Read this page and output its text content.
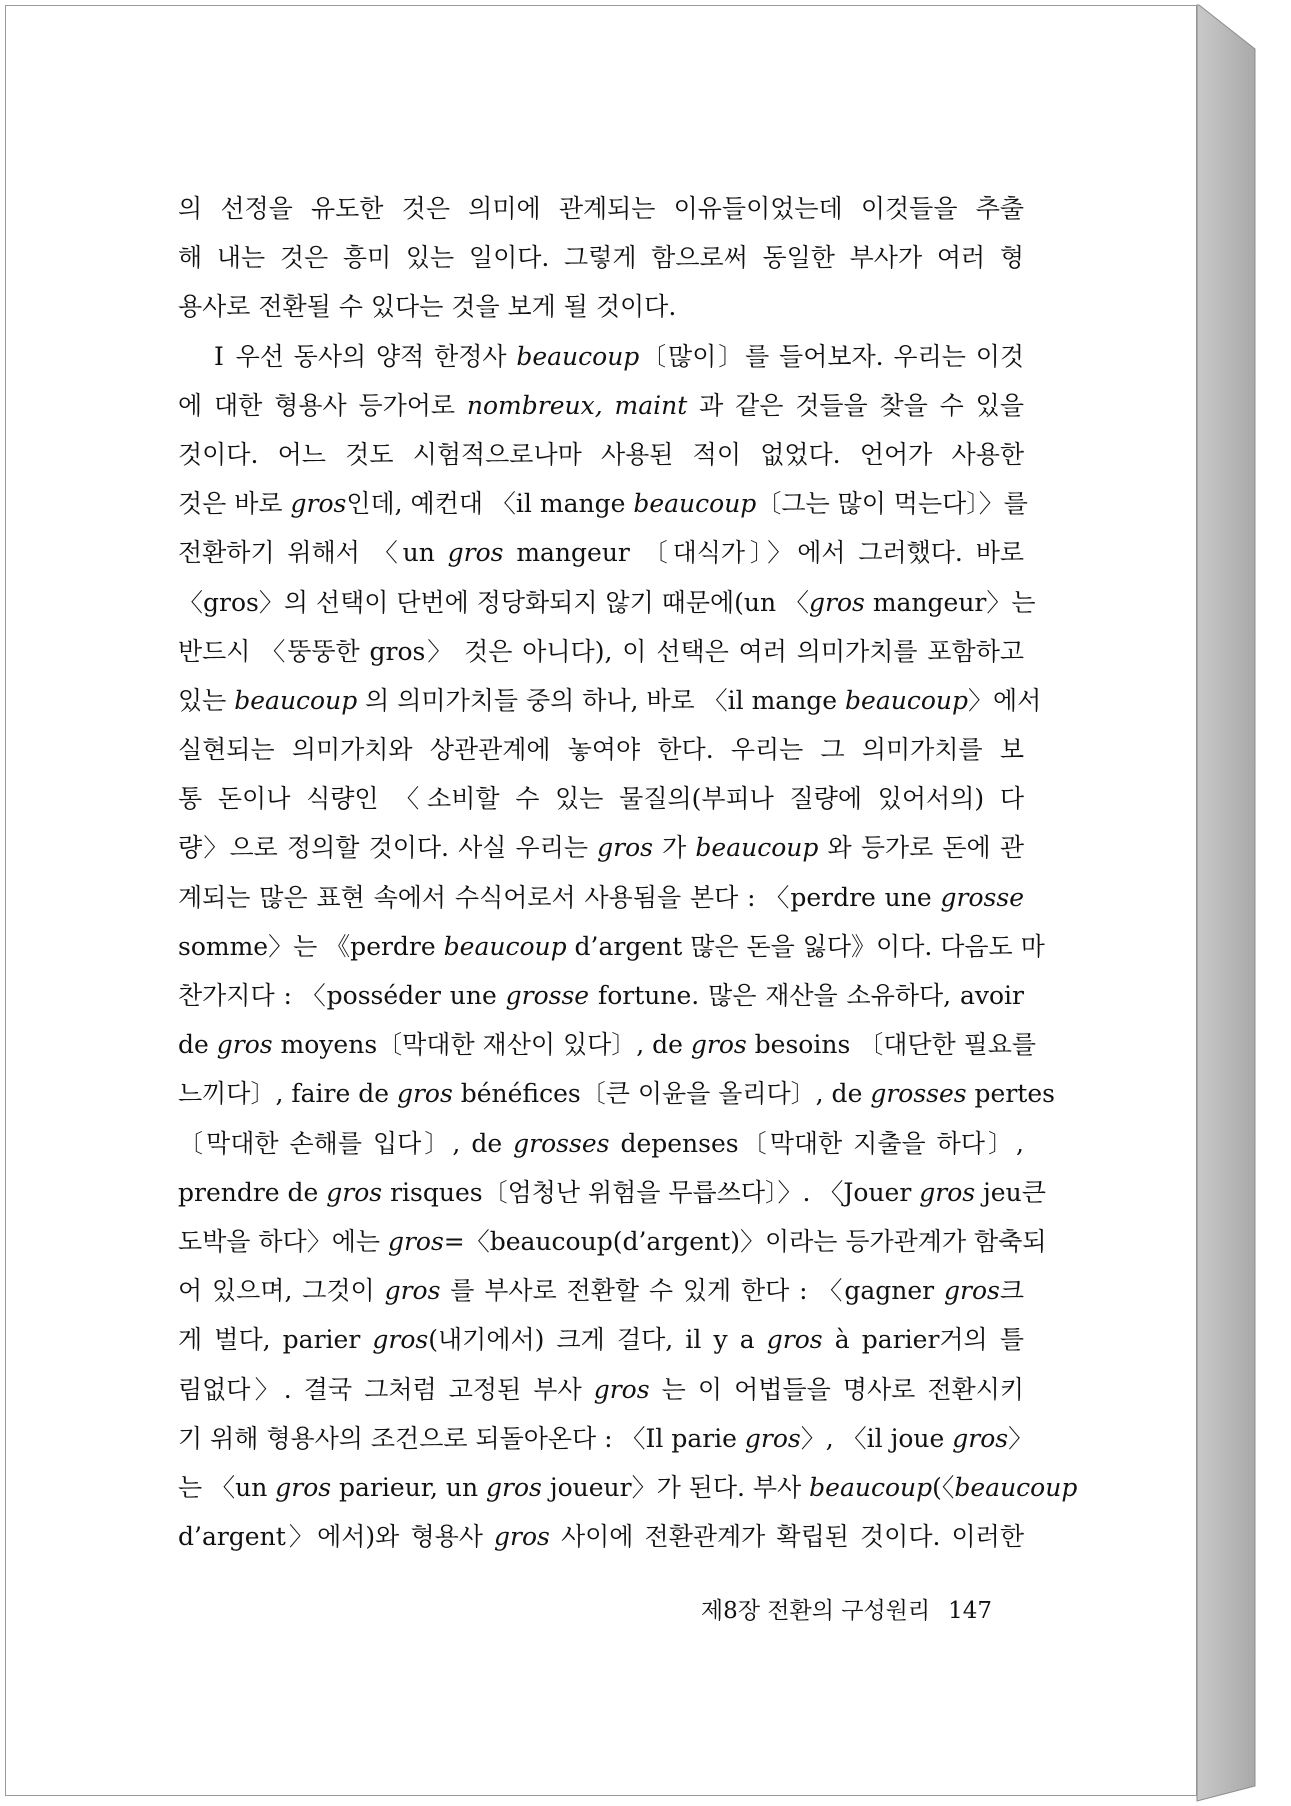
의 선정을 유도한 것은 의미에 관계되는 이유들이었는데 이것들을 추출
해 내는 것은 흥미 있는 일이다. 그렇게 함으로써 동일한 부사가 여러 형
용사로 전환될 수 있다는 것을 보게 될 것이다.
Ⅰ 우선 동사의 양적 한정사 beaucoup〔많이〕를 들어보자. 우리는 이것
에 대한 형용사 등가어로 nombreux, maint 과 같은 것들을 찾을 수 있을
것이다. 어느 것도 시험적으로나마 사용된 적이 없었다. 언어가 사용한
것은 바로 gros인데, 예컨대 〈il mange beaucoup〔그는 많이 먹는다〕〉를
전환하기 위해서 〈un gros mangeur 〔대식가〕〉에서 그러했다. 바로
〈gros〉의 선택이 단번에 정당화되지 않기 때문에(un 〈gros mangeur〉는
반드시 〈뚱뚱한 gros〉 것은 아니다), 이 선택은 여러 의미가치를 포함하고
있는 beaucoup 의 의미가치들 중의 하나, 바로 〈il mange beaucoup〉에서
실현되는 의미가치와 상관관계에 놓여야 한다. 우리는 그 의미가치를 보
통 돈이나 식량인 〈소비할 수 있는 물질의(부피나 질량에 있어서의) 다
량〉으로 정의할 것이다. 사실 우리는 gros 가 beaucoup 와 등가로 돈에 관
계되는 많은 표현 속에서 수식어로서 사용됨을 본다 : 〈perdre une grosse
somme〉는 《perdre beaucoup d’argent 많은 돈을 잃다》이다. 다음도 마
찬가지다 : 〈posséder une grosse fortune. 많은 재산을 소유하다, avoir
de gros moyens〔막대한 재산이 있다〕, de gros besoins 〔대단한 필요를
느끼다〕, faire de gros bénéfices〔큰 이윤을 올리다〕, de grosses pertes
〔막대한 손해를 입다〕, de grosses depenses〔막대한 지출을 하다〕,
prendre de gros risques〔엄청난 위험을 무릅쓰다〕〉. 〈Jouer gros jeu큰
도박을 하다〉에는 gros=〈beaucoup(d’argent)〉이라는 등가관계가 함축되
어 있으며, 그것이 gros 를 부사로 전환할 수 있게 한다 : 〈gagner gros크
게 벌다, parier gros(내기에서) 크게 걸다, il y a gros à parier거의 틀
림없다〉. 결국 그처럼 고정된 부사 gros 는 이 어법들을 명사로 전환시키
기 위해 형용사의 조건으로 되돌아온다 : 〈Il parie gros〉, 〈il joue gros〉
는 〈un gros parieur, un gros joueur〉가 된다. 부사 beaucoup(〈beaucoup
d’argent〉에서)와 형용사 gros 사이에 전환관계가 확립된 것이다. 이러한
제8장 전환의 구성원리 147
